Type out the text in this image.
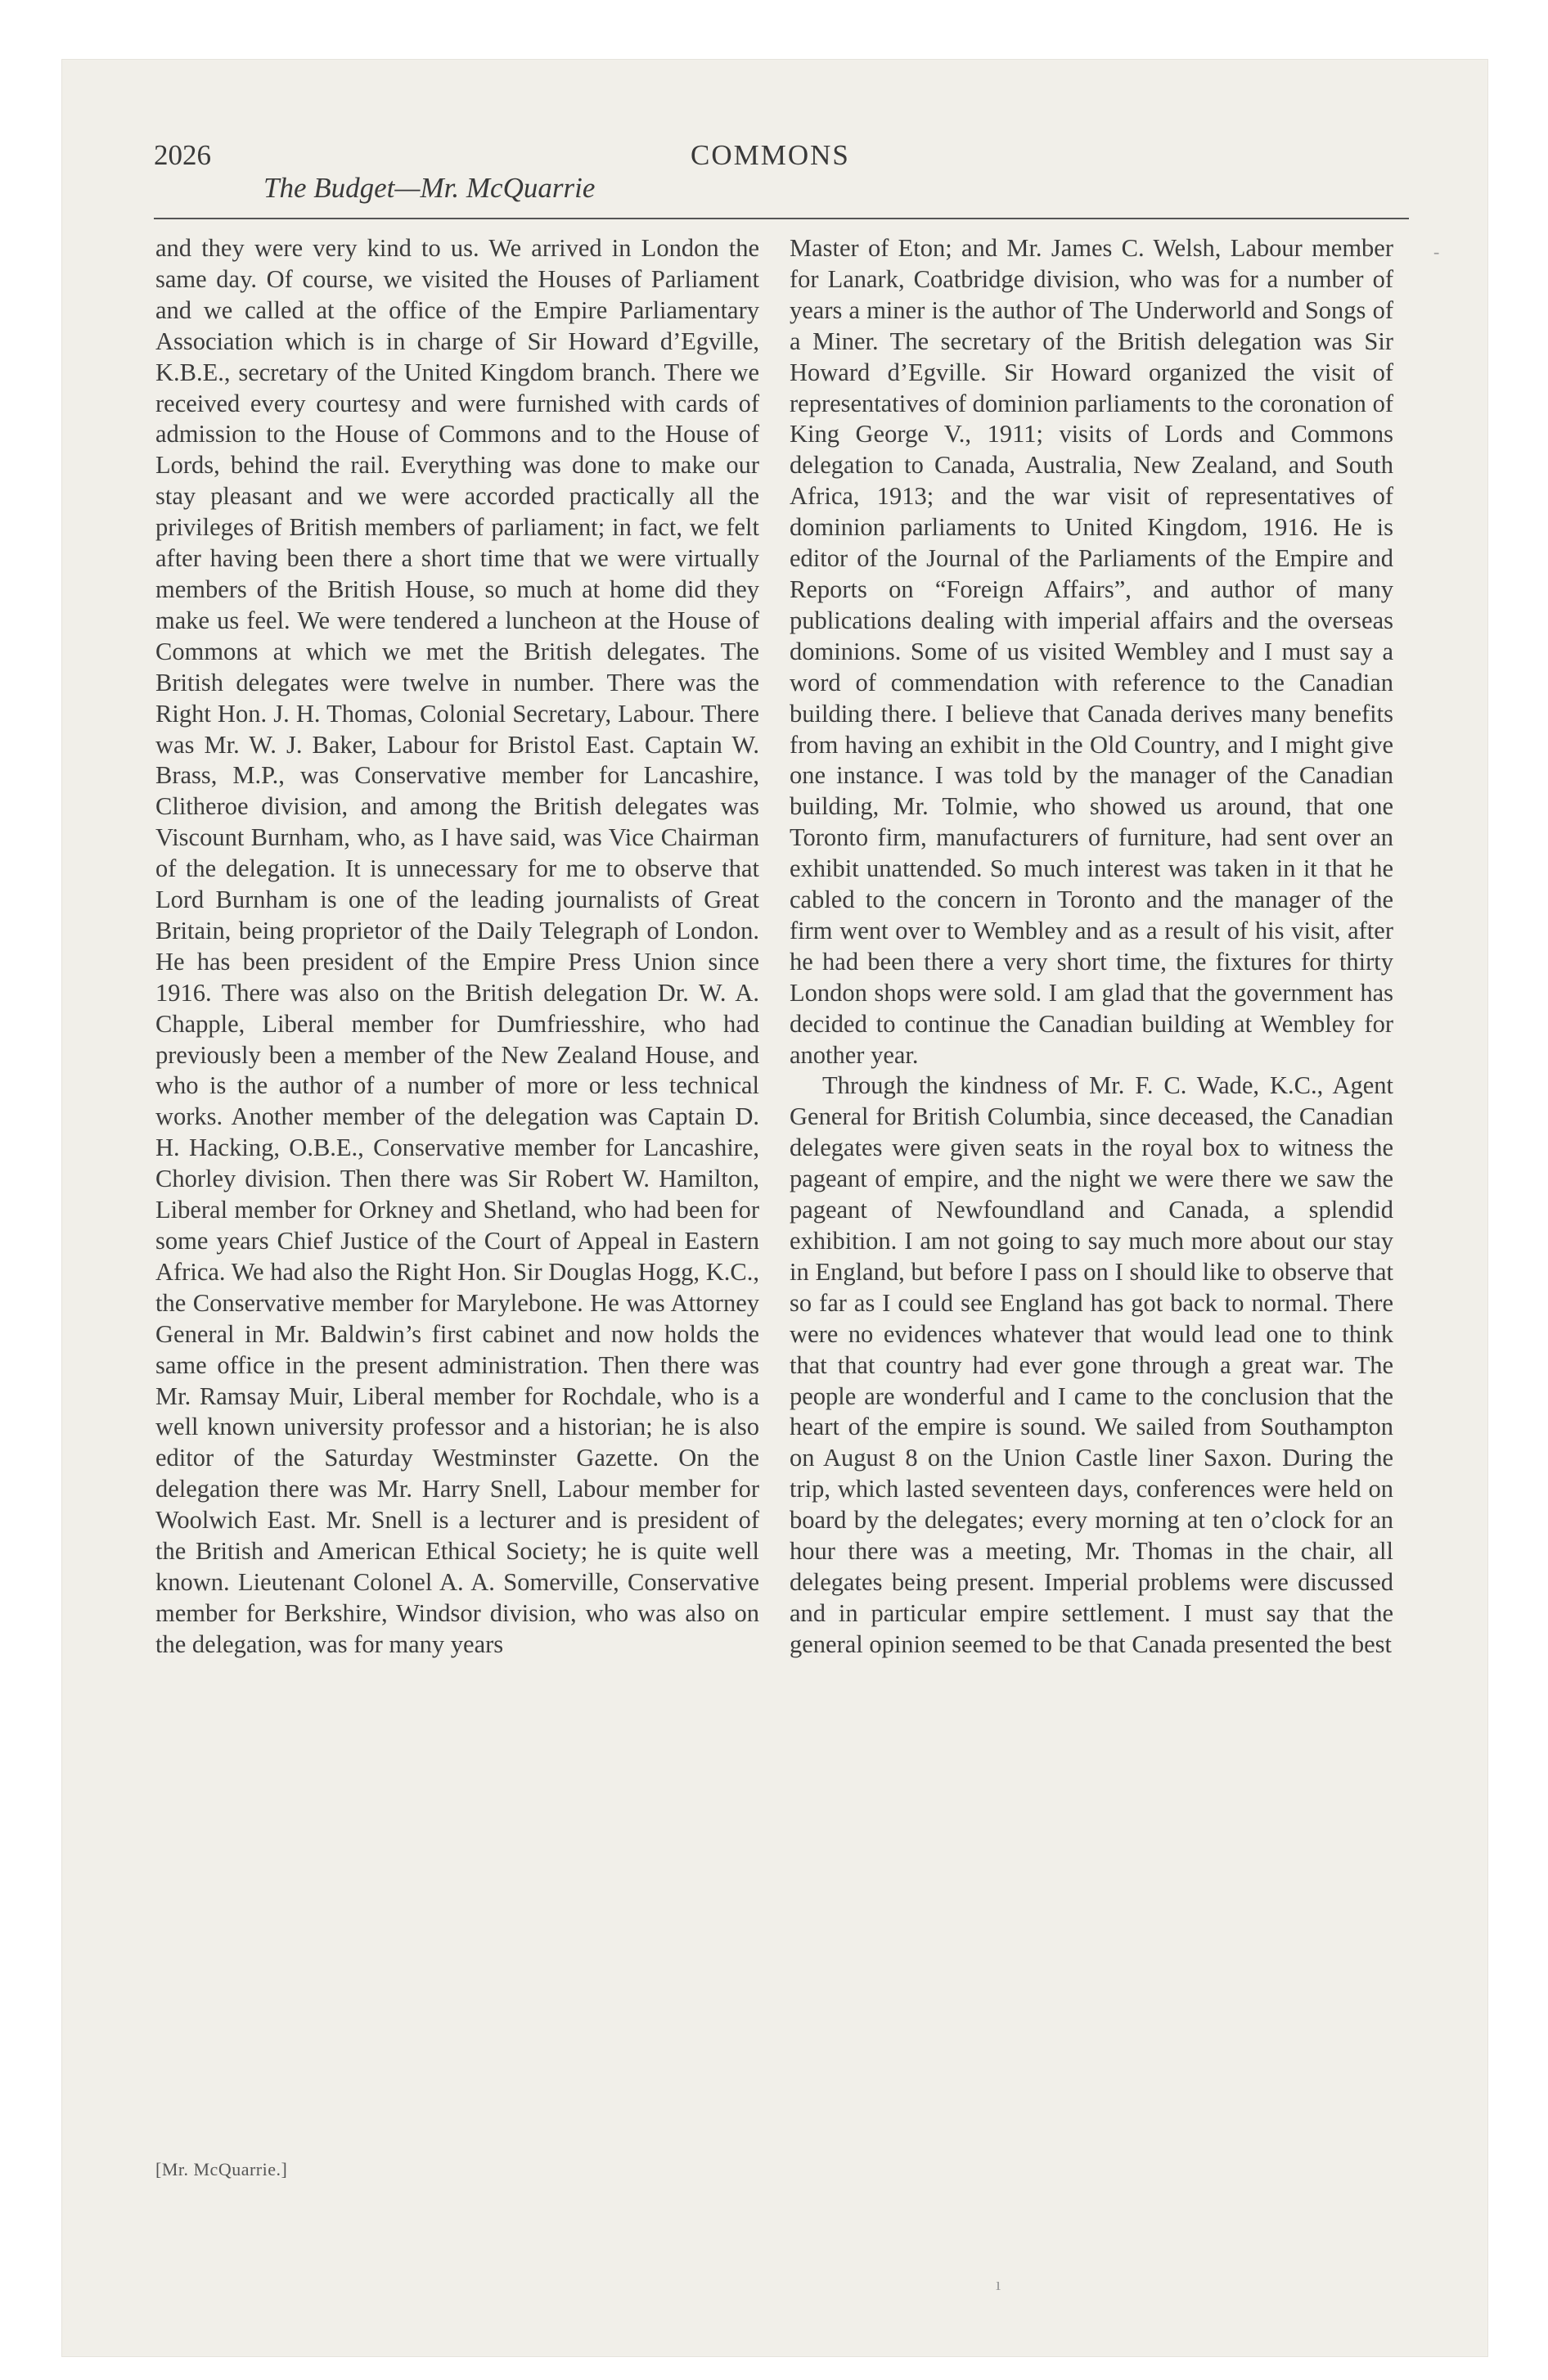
2026
The Budget—Mr. McQuarrie
COMMONS

and they were very kind to us. We arrived in London the same day. Of course, we visited the Houses of Parliament and we called at the office of the Empire Parliamentary Association which is in charge of Sir Howard d’Egville, K.B.E., secretary of the United Kingdom branch. There we received every courtesy and were furnished with cards of admission to the House of Commons and to the House of Lords, behind the rail. Everything was done to make our stay pleasant and we were accorded practically all the privileges of British members of parliament; in fact, we felt after having been there a short time that we were virtually members of the British House, so much at home did they make us feel. We were tendered a luncheon at the House of Commons at which we met the British delegates. The British delegates were twelve in number. There was the Right Hon. J. H. Thomas, Colonial Secretary, Labour. There was Mr. W. J. Baker, Labour for Bristol East. Captain W. Brass, M.P., was Conservative member for Lancashire, Clitheroe division, and among the British delegates was Viscount Burnham, who, as I have said, was Vice Chairman of the delegation. It is unnecessary for me to observe that Lord Burnham is one of the leading journalists of Great Britain, being proprietor of the Daily Telegraph of London. He has been president of the Empire Press Union since 1916. There was also on the British delegation Dr. W. A. Chapple, Liberal member for Dumfriesshire, who had previously been a member of the New Zealand House, and who is the author of a number of more or less technical works. Another member of the delegation was Captain D. H. Hacking, O.B.E., Conservative member for Lancashire, Chorley division. Then there was Sir Robert W. Hamilton, Liberal member for Orkney and Shetland, who had been for some years Chief Justice of the Court of Appeal in Eastern Africa. We had also the Right Hon. Sir Douglas Hogg, K.C., the Conservative member for Marylebone. He was Attorney General in Mr. Baldwin’s first cabinet and now holds the same office in the present administration. Then there was Mr. Ramsay Muir, Liberal member for Rochdale, who is a well known university professor and a historian; he is also editor of the Saturday Westminster Gazette. On the delegation there was Mr. Harry Snell, Labour member for Woolwich East. Mr. Snell is a lecturer and is president of the British and American Ethical Society; he is quite well known. Lieutenant Colonel A. A. Somerville, Conservative member for Berkshire, Windsor division, who was also on the delegation, was for many years

Master of Eton; and Mr. James C. Welsh, Labour member for Lanark, Coatbridge division, who was for a number of years a miner is the author of The Underworld and Songs of a Miner. The secretary of the British delegation was Sir Howard d’Egville. Sir Howard organized the visit of representatives of dominion parliaments to the coronation of King George V., 1911; visits of Lords and Commons delegation to Canada, Australia, New Zealand, and South Africa, 1913; and the war visit of representatives of dominion parliaments to United Kingdom, 1916. He is editor of the Journal of the Parliaments of the Empire and Reports on “Foreign Affairs”, and author of many publications dealing with imperial affairs and the overseas dominions. Some of us visited Wembley and I must say a word of commendation with reference to the Canadian building there. I believe that Canada derives many benefits from having an exhibit in the Old Country, and I might give one instance. I was told by the manager of the Canadian building, Mr. Tolmie, who showed us around, that one Toronto firm, manufacturers of furniture, had sent over an exhibit unattended. So much interest was taken in it that he cabled to the concern in Toronto and the manager of the firm went over to Wembley and as a result of his visit, after he had been there a very short time, the fixtures for thirty London shops were sold. I am glad that the government has decided to continue the Canadian building at Wembley for another year.

Through the kindness of Mr. F. C. Wade, K.C., Agent General for British Columbia, since deceased, the Canadian delegates were given seats in the royal box to witness the pageant of empire, and the night we were there we saw the pageant of Newfoundland and Canada, a splendid exhibition. I am not going to say much more about our stay in England, but before I pass on I should like to observe that so far as I could see England has got back to normal. There were no evidences whatever that would lead one to think that that country had ever gone through a great war. The people are wonderful and I came to the conclusion that the heart of the empire is sound. We sailed from Southampton on August 8 on the Union Castle liner Saxon. During the trip, which lasted seventeen days, conferences were held on board by the delegates; every morning at ten o’clock for an hour there was a meeting, Mr. Thomas in the chair, all delegates being present. Imperial problems were discussed and in particular empire settlement. I must say that the general opinion seemed to be that Canada presented the best

[Mr. McQuarrie.]
-
ı
